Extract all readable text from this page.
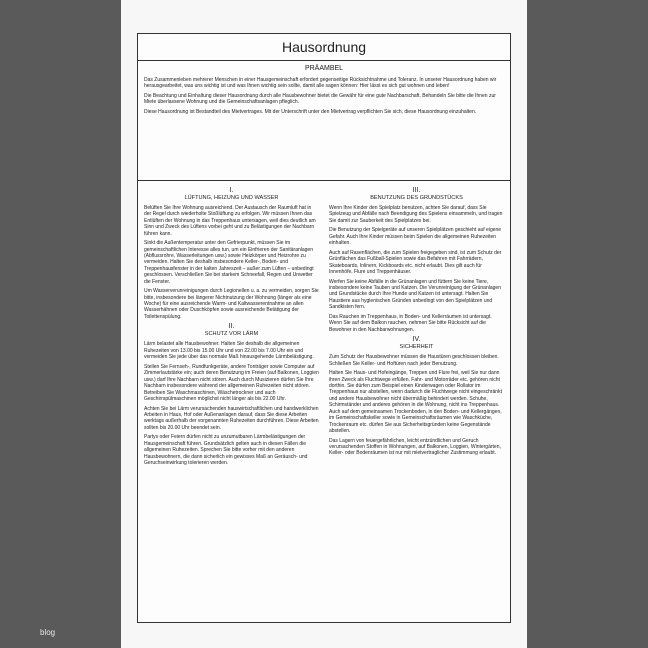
Hausordnung
PRÄAMBEL

Das Zusammenleben mehrerer Menschen in einer Hausgemeinschaft erfordert gegenseitige Rücksichtnahme und Toleranz. In unserer Hausordnung haben wir herausgearbeitet, was uns wichtig ist und was Ihnen wichtig sein sollte, damit alle sagen können: Hier lässt es sich gut wohnen und leben!

Die Beachtung und Einhaltung dieser Hausordnung durch alle Hausbewohner bietet die Gewähr für eine gute Nachbarschaft. Behandeln Sie bitte die Ihnen zur Miete überlassene Wohnung und die Gemeinschaftsanlagen pfleglich.

Diese Hausordnung ist Bestandteil des Mietvertrages. Mit der Unterschrift unter den Mietvertrag verpflichten Sie sich, diese Hausordnung einzuhalten.

I.
LÜFTUNG, HEIZUNG UND WASSER

Belüften Sie Ihre Wohnung ausreichend. Der Austausch der Raumluft hat in der Regel durch wiederholte Stoßlüftung zu erfolgen. Wir müssen Ihnen das Entlüften der Wohnung in das Treppenhaus untersagen, weil dies deutlich am Sinn und Zweck des Lüftens vorbei geht und zu Belästigungen der Nachbarn führen kann.

Sinkt die Außentemperatur unter den Gefrierpunkt, müssen Sie im gemeinschaftlichen Interesse alles tun, um ein Einfrieren der Sanitäranlagen (Abflussrohre, Wasserleitungen usw.) sowie Heizkörper und Heizrohre zu vermeiden. Halten Sie deshalb insbesondere Keller-, Boden- und Treppenhausfenster in der kalten Jahreszeit – außer zum Lüften – unbedingt geschlossen. Verschließen Sie bei starkem Schneefall, Regen und Unwetter die Fenster.

Um Wasserverunreinigungen durch Legionellen u. a. zu vermeiden, sorgen Sie bitte, insbesondere bei längerer Nichtnutzung der Wohnung (länger als eine Woche) für eine ausreichende Warm- und Kaltwasserentnahme an allen Wasserhähnen oder Duschköpfen sowie ausreichende Betätigung der Toilettenspülung.

II.
SCHUTZ VOR LÄRM

Lärm belastet alle Hausbewohner. Halten Sie deshalb die allgemeinen Ruhezeiten von 13.00 bis 15.00 Uhr und von 22.00 bis 7.00 Uhr ein und vermeiden Sie jede über das normale Maß hinausgehende Lärmbelästigung.

Stellen Sie Fernseh-, Rundfunkgeräte, andere Tonträger sowie Computer auf Zimmerlautstärke ein; auch deren Benutzung im Freien (auf Balkonen, Loggien usw.) darf Ihre Nachbarn nicht stören. Auch durch Musizieren dürfen Sie Ihre Nachbarn insbesondere während der allgemeinen Ruhezeiten nicht stören. Betreiben Sie Waschmaschinen, Wäschetrockner und auch Geschirrspülmaschinen möglichst nicht länger als bis 22.00 Uhr.

Achten Sie bei Lärm verursachenden hauswirtschaftlichen und handwerklichen Arbeiten in Haus, Hof oder Außenanlagen darauf, dass Sie diese Arbeiten werktags außerhalb der vorgenannten Ruhezeiten durchführen. Diese Arbeiten sollten bis 20.00 Uhr beendet sein.

Partys oder Feiern dürfen nicht zu unzumutbaren Lärmbelästigungen der Hausgemeinschaft führen. Grundsätzlich gelten auch in diesen Fällen die allgemeinen Ruhezeiten. Sprechen Sie bitte vorher mit den anderen Hausbewohnern, die dann sicherlich ein gewisses Maß an Geräusch- und Geruchseinwirkung tolerieren werden.

III.
BENUTZUNG DES GRUNDSTÜCKS

Wenn Ihre Kinder den Spielplatz benutzen, achten Sie darauf, dass Sie Spielzeug und Abfälle nach Beendigung des Spielens einsammeln, und tragen Sie damit zur Sauberkeit des Spielplatzes bei.

Die Benutzung der Spielgeräte auf unseren Spielplätzen geschieht auf eigene Gefahr. Auch Ihre Kinder müssen beim Spielen die allgemeinen Ruhezeiten einhalten.

Auch auf Rasenflächen, die zum Spielen freigegeben sind, ist zum Schutz der Grünflächen das Fußball-Spielen sowie das Befahren mit Fahrrädern, Skateboards, Inlinern, Kickboards etc. nicht erlaubt. Dies gilt auch für Innenhöfe, Flure und Treppenhäuser.

Werfen Sie keine Abfälle in die Grünanlagen und füttern Sie keine Tiere, insbesondere keine Tauben und Katzen. Die Verunreinigung der Grünanlagen und Grundstücke durch Ihre Hunde und Katzen ist untersagt. Halten Sie Haustiere aus hygienischen Gründen unbedingt von den Spielplätzen und Sandkisten fern.

Das Rauchen im Treppenhaus, in Boden- und Kellerräumen ist untersagt. Wenn Sie auf dem Balkon rauchen, nehmen Sie bitte Rücksicht auf die Bewohner in den Nachbarwohnungen.

IV.
SICHERHEIT

Zum Schutz der Hausbewohner müssen die Haustüren geschlossen bleiben. Schließen Sie Keller- und Hoftüren nach jeder Benutzung.

Halten Sie Haus- und Hofeingänge, Treppen und Flure frei, weil Sie nur dann ihren Zweck als Fluchtwege erfüllen. Fahr- und Motorräder etc. gehören nicht dorthin. Sie dürfen zum Beispiel einen Kinderwagen oder Rollator im Treppenhaus nur abstellen, wenn dadurch die Fluchtwege nicht eingeschränkt und andere Hausbewohner nicht übermäßig behindert werden. Schuhe, Schirmständer und anderes gehören in die Wohnung, nicht ins Treppenhaus. Auch auf dem gemeinsamen Trockenboden, in den Boden- und Kellergängen, im Gemeinschaftskeller sowie in Gemeinschaftsräumen wie Waschküche, Trockenraum etc. dürfen Sie aus Sicherheitsgründen keine Gegenstände abstellen.

Das Lagern von feuergefährlichen, leicht entzündlichen und Geruch verursachenden Stoffen in Wohnungen, auf Balkonen, Loggien, Wintergärten, Keller- oder Bodenräumen ist nur mit mietvertraglicher Zustimmung erlaubt.

blog
